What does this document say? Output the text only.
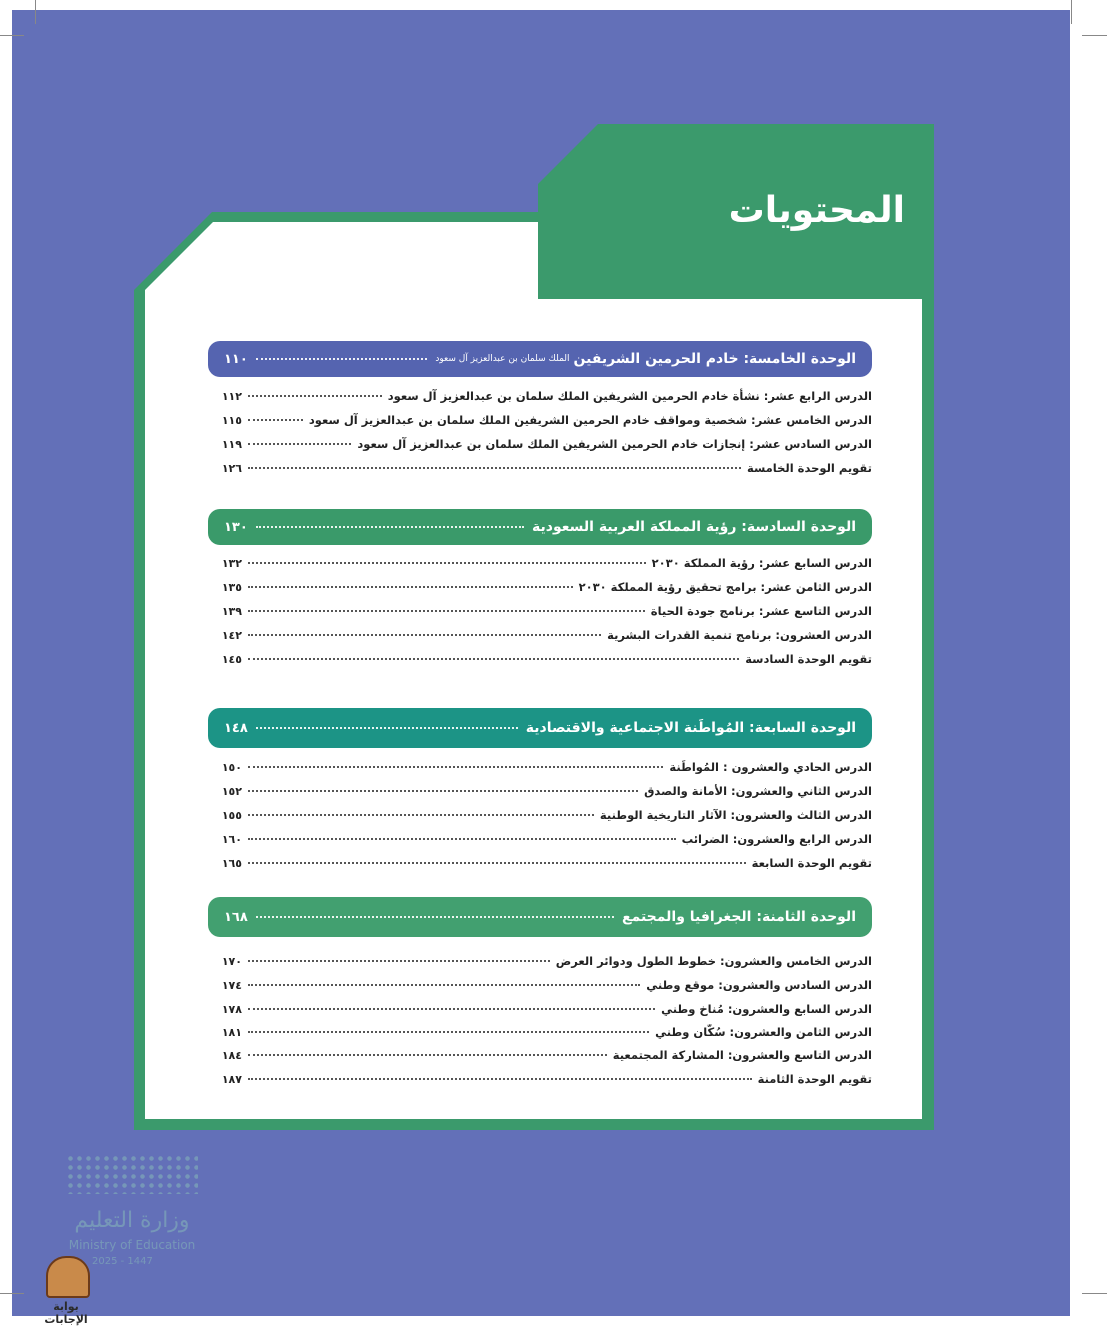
المحتويات
الوحدة الخامسة: خادم الحرمين الشريفين
الملك سلمان بن عبدالعزيز آل سعود
١١٠
الدرس الرابع عشر: نشأة خادم الحرمين الشريفين الملك سلمان بن عبدالعزيز آل سعود
١١٢
الدرس الخامس عشر: شخصية ومواقف خادم الحرمين الشريفين الملك سلمان بن عبدالعزيز آل سعود
١١٥
الدرس السادس عشر: إنجازات خادم الحرمين الشريفين الملك سلمان بن عبدالعزيز آل سعود
١١٩
تقويم الوحدة الخامسة
١٢٦
الوحدة السادسة: رؤية المملكة العربية السعودية
١٣٠
الدرس السابع عشر: رؤية المملكة ٢٠٣٠
١٣٢
الدرس الثامن عشر: برامج تحقيق رؤية المملكة ٢٠٣٠
١٣٥
الدرس التاسع عشر: برنامج جودة الحياة
١٣٩
الدرس العشرون: برنامج تنمية القدرات البشرية
١٤٢
تقويم الوحدة السادسة
١٤٥
الوحدة السابعة: المُواطَنة الاجتماعية والاقتصادية
١٤٨
الدرس الحادي والعشرون : المُواطَنة
١٥٠
الدرس الثاني والعشرون: الأمانة والصدق
١٥٢
الدرس الثالث والعشرون: الآثار التاريخية الوطنية
١٥٥
الدرس الرابع والعشرون: الضرائب
١٦٠
تقويم الوحدة السابعة
١٦٥
الوحدة الثامنة: الجغرافيا والمجتمع
١٦٨
الدرس الخامس والعشرون: خطوط الطول ودوائر العرض
١٧٠
الدرس السادس والعشرون: موقع وطني
١٧٤
الدرس السابع والعشرون: مُناخ وطني
١٧٨
الدرس الثامن والعشرون: سُكّان وطني
١٨١
الدرس التاسع والعشرون: المشاركة المجتمعية
١٨٤
تقويم الوحدة الثامنة
١٨٧
وزارة التعليم
Ministry of Education
2025 - 1447
بوابة الإجابات
